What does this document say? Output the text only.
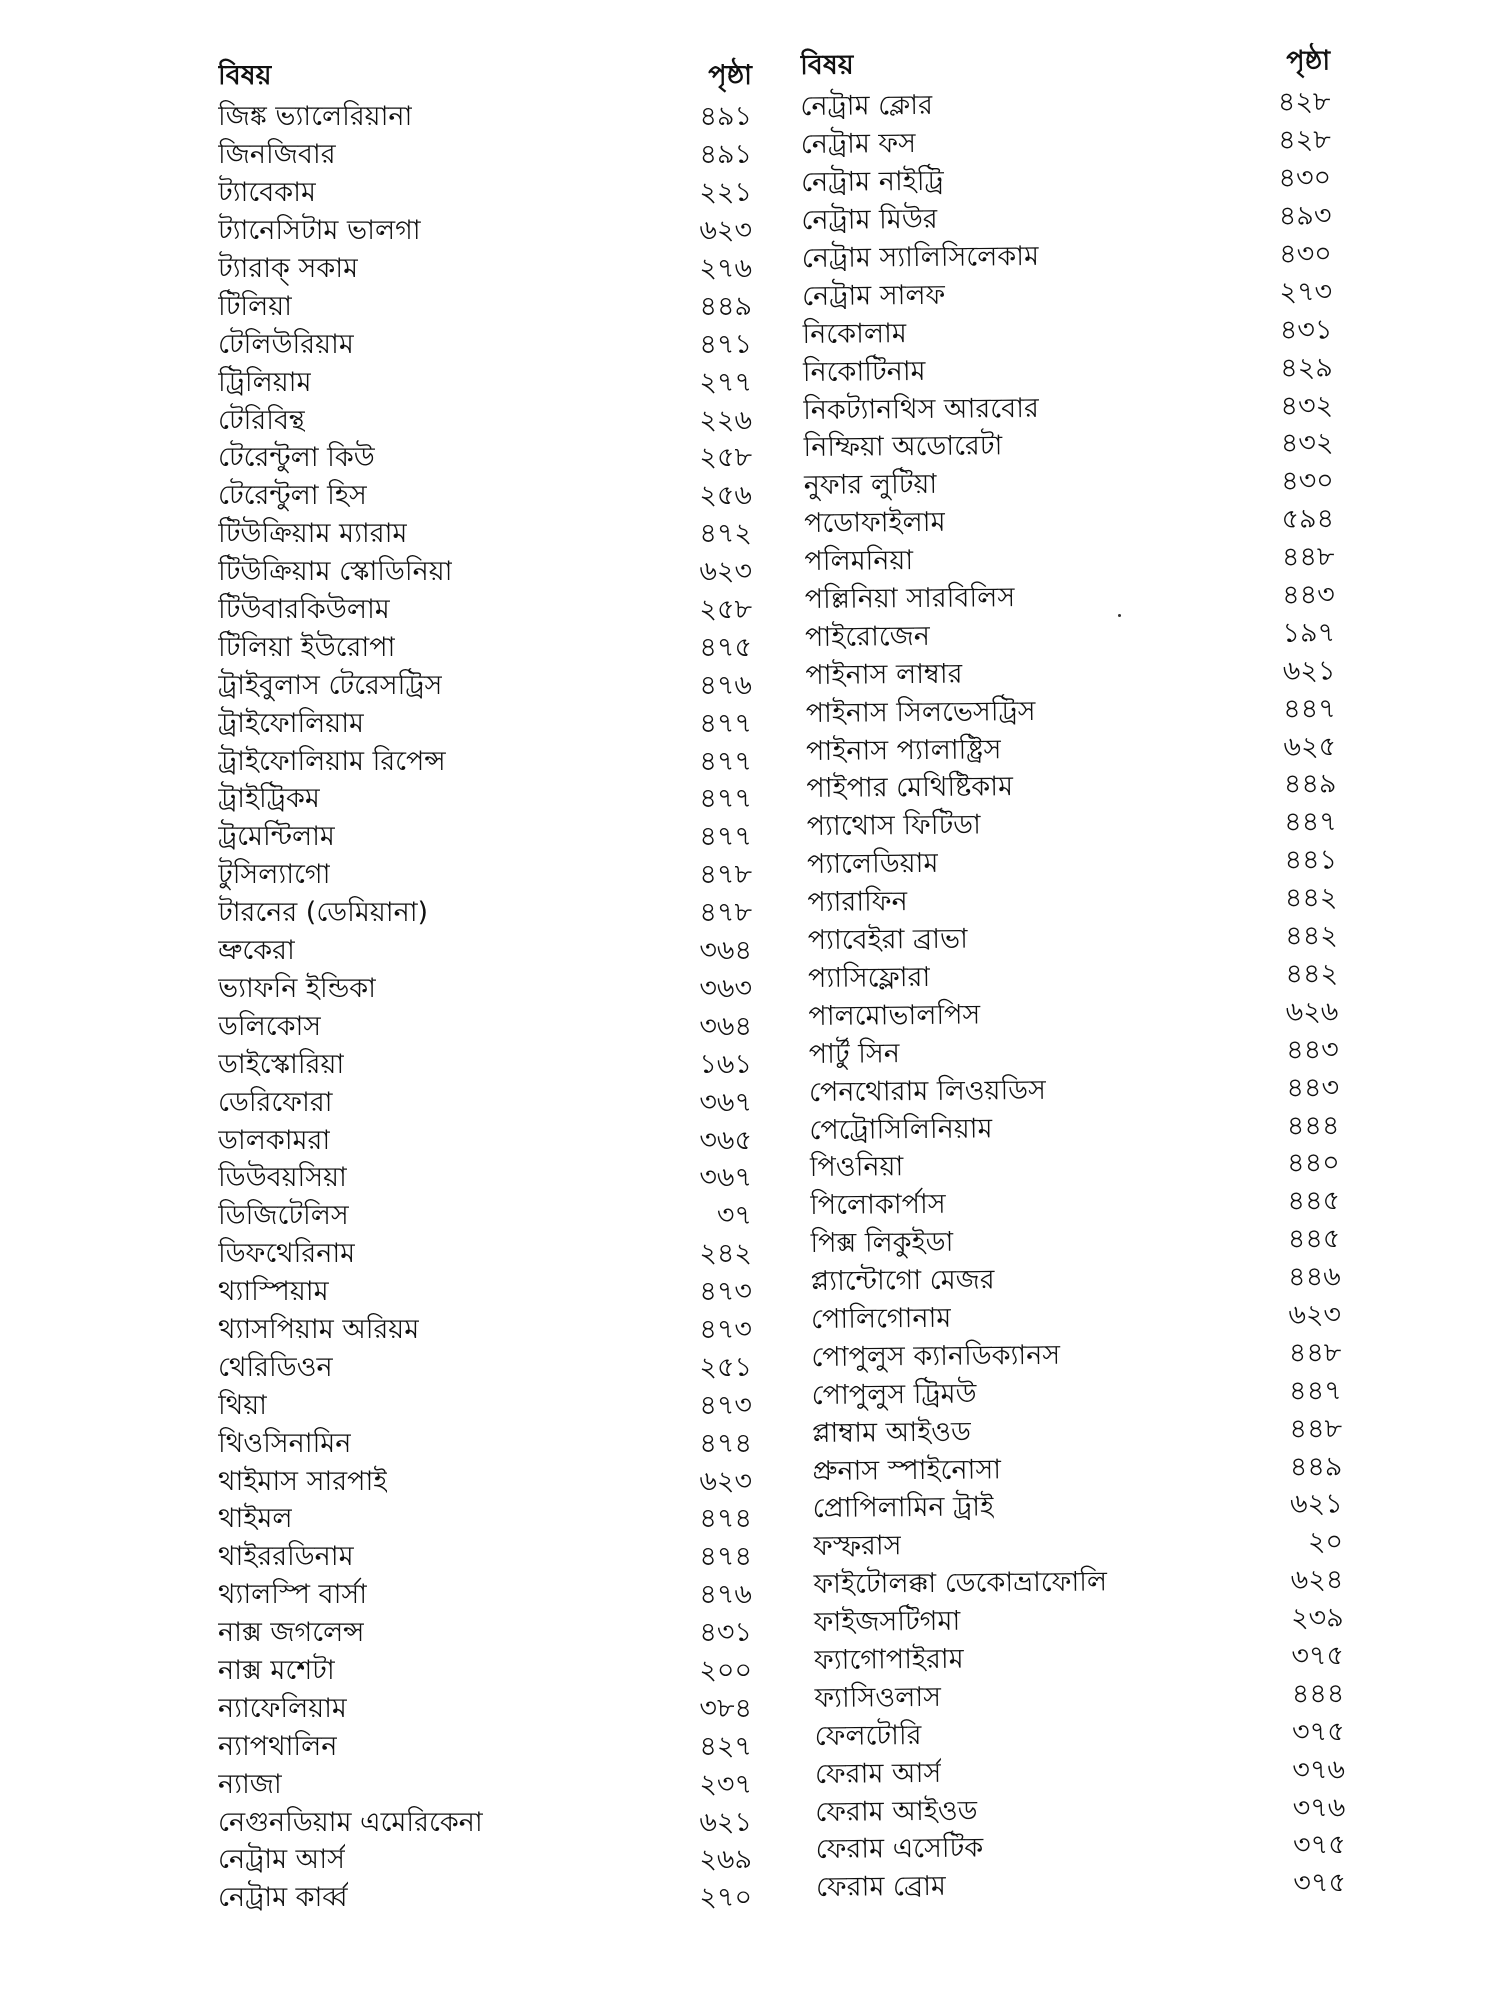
বিষয়	পৃষ্ঠা
জিঙ্ক ভ্যালেরিয়ানা	৪৯১
জিনজিবার	৪৯১
ট্যাবেকাম	২২১
ট্যানেসিটাম ভালগা	৬২৩
ট্যারাক্ সকাম	২৭৬
টিলিয়া	৪৪৯
টেলিউরিয়াম	৪৭১
ট্রিলিয়াম	২৭৭
টেরিবিন্থ	২২৬
টেরেন্টুলা কিউ	২৫৮
টেরেন্টুলা হিস	২৫৬
টিউক্রিয়াম ম্যারাম	৪৭২
টিউক্রিয়াম স্কোডিনিয়া	৬২৩
টিউবারকিউলাম	২৫৮
টিলিয়া ইউরোপা	৪৭৫
ট্রাইবুলাস টেরেসট্রিস	৪৭৬
ট্রাইফোলিয়াম	৪৭৭
ট্রাইফোলিয়াম রিপেন্স	৪৭৭
ট্রাইট্রিকম	৪৭৭
ট্রমেন্টিলাম	৪৭৭
টুসিল্যাগো	৪৭৮
টারনের (ডেমিয়ানা)	৪৭৮
ভ্রুকেরা	৩৬৪
ভ্যাফনি ইন্ডিকা	৩৬৩
ডলিকোস	৩৬৪
ডাইস্কোরিয়া	১৬১
ডেরিফোরা	৩৬৭
ডালকামরা	৩৬৫
ডিউবয়সিয়া	৩৬৭
ডিজিটেলিস	৩৭
ডিফথেরিনাম	২৪২
থ্যাস্পিয়াম	৪৭৩
থ্যাসপিয়াম অরিয়ম	৪৭৩
থেরিডিওন	২৫১
থিয়া	৪৭৩
থিওসিনামিন	৪৭৪
থাইমাস সারপাই	৬২৩
থাইমল	৪৭৪
থাইররডিনাম	৪৭৪
থ্যালস্পি বার্সা	৪৭৬
নাক্স জগলেন্স	৪৩১
নাক্স মশেটা	২০০
ন্যাফেলিয়াম	৩৮৪
ন্যাপথালিন	৪২৭
ন্যাজা	২৩৭
নেগুনডিয়াম এমেরিকেনা	৬২১
নেট্রাম আর্স	২৬৯
নেট্রাম কার্ব্ব	২৭০
বিষয়	পৃষ্ঠা
নেট্রাম ক্লোর	৪২৮
নেট্রাম ফস	৪২৮
নেট্রাম নাইট্রি	৪৩০
নেট্রাম মিউর	৪৯৩
নেট্রাম স্যালিসিলেকাম	৪৩০
নেট্রাম সালফ	২৭৩
নিকোলাম	৪৩১
নিকোটিনাম	৪২৯
নিকট্যানথিস আরবোর	৪৩২
নিম্ফিয়া অডোরেটা	৪৩২
নুফার লুটিয়া	৪৩০
পডোফাইলাম	৫৯৪
পলিমনিয়া	৪৪৮
পল্লিনিয়া সারবিলিস	৪৪৩
পাইরোজেন	১৯৭
পাইনাস লাম্বার	৬২১
পাইনাস সিলভেসট্রিস	৪৪৭
পাইনাস প্যালাষ্ট্রিস	৬২৫
পাইপার মেথিষ্টিকাম	৪৪৯
প্যাথোস ফিটিডা	৪৪৭
প্যালেডিয়াম	৪৪১
প্যারাফিন	৪৪২
প্যাবেইরা ব্রাভা	৪৪২
প্যাসিফ্লোরা	৪৪২
পালমোভালপিস	৬২৬
পার্টু সিন	৪৪৩
পেনথোরাম লিওয়ডিস	৪৪৩
পেট্রোসিলিনিয়াম	৪৪৪
পিওনিয়া	৪৪০
পিলোকার্পাস	৪৪৫
পিক্স লিকুইডা	৪৪৫
প্ল্যান্টোগো মেজর	৪৪৬
পোলিগোনাম	৬২৩
পোপুলুস ক্যানডিক্যানস	৪৪৮
পোপুলুস ট্রিমউ	৪৪৭
প্লাম্বাম আইওড	৪৪৮
প্রুনাস স্পাইনোসা	৪৪৯
প্রোপিলামিন ট্রাই	৬২১
ফস্ফরাস	২০
ফাইটোলক্কা ডেকোভ্রাফোলি	৬২৪
ফাইজসটিগমা	২৩৯
ফ্যাগোপাইরাম	৩৭৫
ফ্যাসিওলাস	৪৪৪
ফেলটোরি	৩৭৫
ফেরাম আর্স	৩৭৬
ফেরাম আইওড	৩৭৬
ফেরাম এসেটিক	৩৭৫
ফেরাম ব্রোম	৩৭৫
